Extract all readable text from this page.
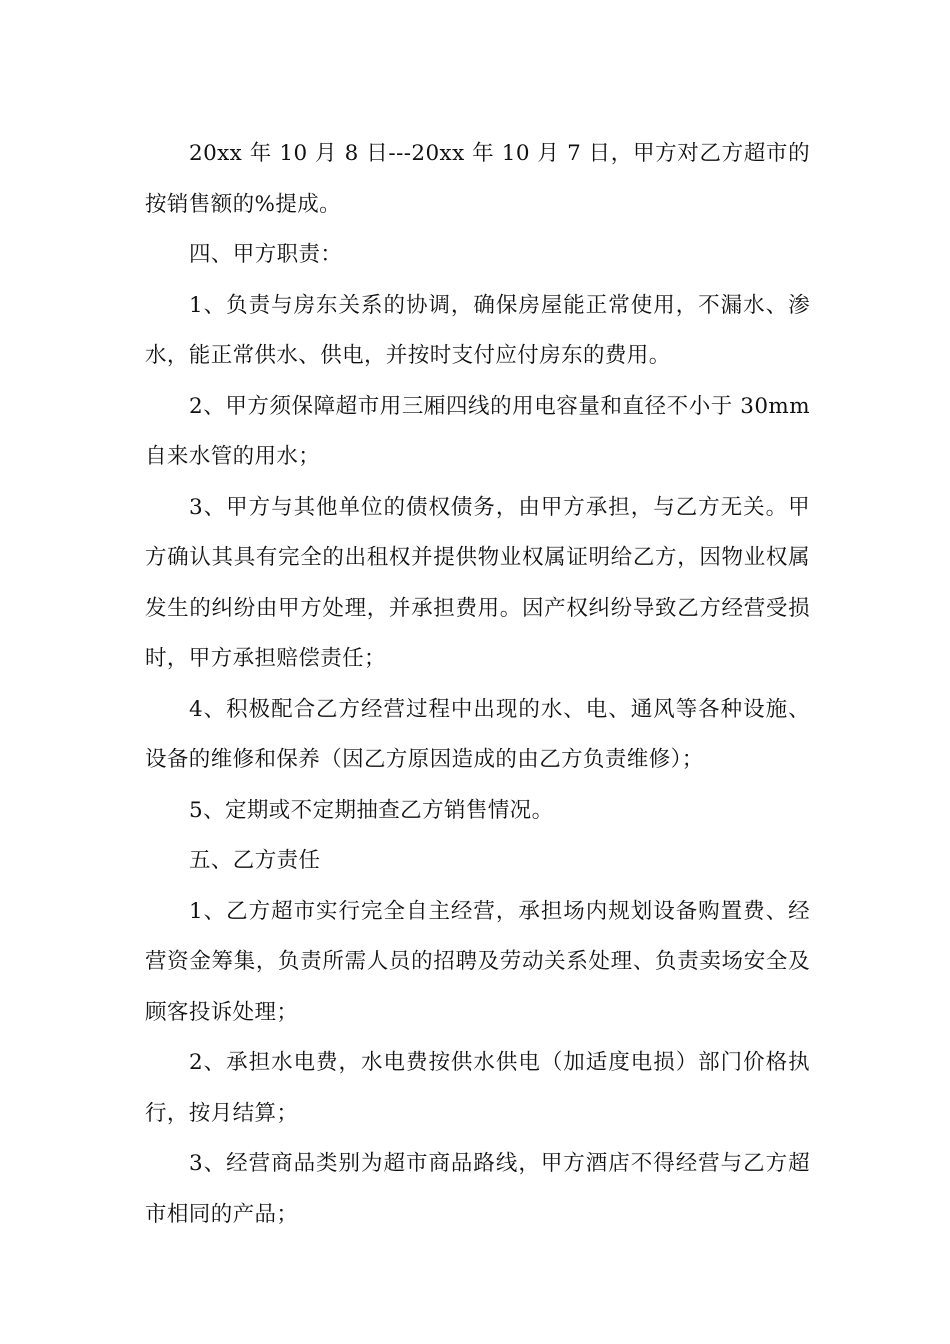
20xx 年 10 月 8 日---20xx 年 10 月 7 日，甲方对乙方超市的按销售额的%提成。

四、甲方职责：

1、负责与房东关系的协调，确保房屋能正常使用，不漏水、渗水，能正常供水、供电，并按时支付应付房东的费用。

2、甲方须保障超市用三厢四线的用电容量和直径不小于 30mm 自来水管的用水；

3、甲方与其他单位的债权债务，由甲方承担，与乙方无关。甲方确认其具有完全的出租权并提供物业权属证明给乙方，因物业权属发生的纠纷由甲方处理，并承担费用。因产权纠纷导致乙方经营受损时，甲方承担赔偿责任；

4、积极配合乙方经营过程中出现的水、电、通风等各种设施、设备的维修和保养（因乙方原因造成的由乙方负责维修）；

5、定期或不定期抽查乙方销售情况。

五、乙方责任

1、乙方超市实行完全自主经营，承担场内规划设备购置费、经营资金筹集，负责所需人员的招聘及劳动关系处理、负责卖场安全及顾客投诉处理；

2、承担水电费，水电费按供水供电（加适度电损）部门价格执行，按月结算；

3、经营商品类别为超市商品路线，甲方酒店不得经营与乙方超市相同的产品；
